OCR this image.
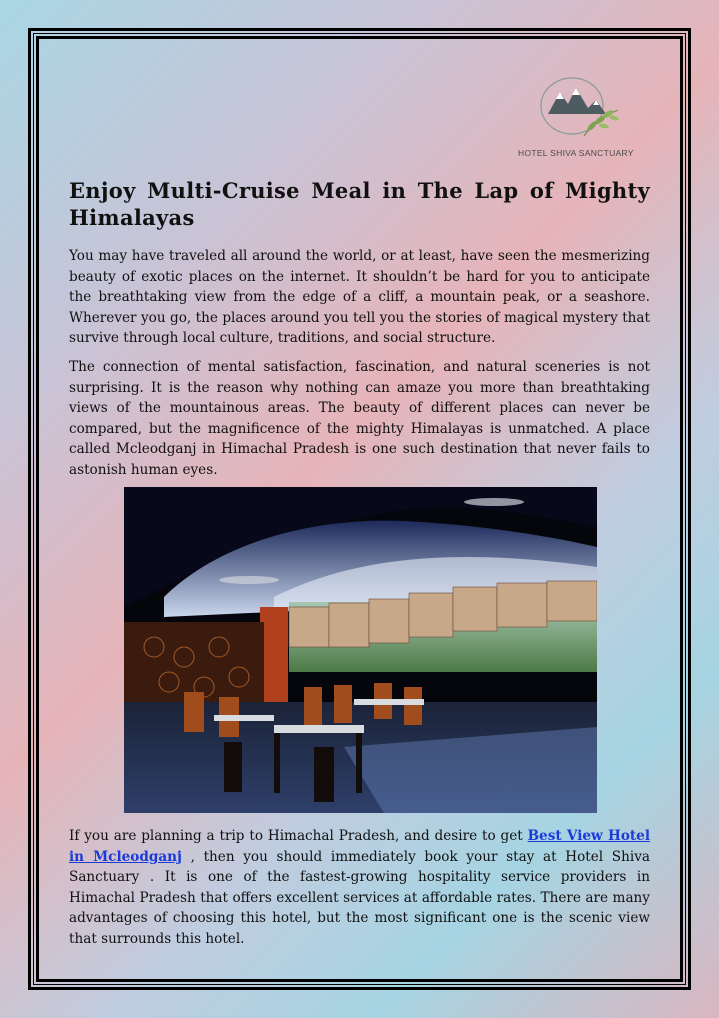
HOTEL SHIVA SANCTUARY
Enjoy Multi-Cruise Meal in The Lap of Mighty Himalayas

You may have traveled all around the world, or at least, have seen the mesmerizing beauty of exotic places on the internet. It shouldn’t be hard for you to anticipate the breathtaking view from the edge of a cliff, a mountain peak, or a seashore. Wherever you go, the places around you tell you the stories of magical mystery that survive through local culture, traditions, and social structure.

The connection of mental satisfaction, fascination, and natural sceneries is not surprising. It is the reason why nothing can amaze you more than breathtaking views of the mountainous areas. The beauty of different places can never be compared, but the magnificence of the mighty Himalayas is unmatched. A place called Mcleodganj in Himachal Pradesh is one such destination that never fails to astonish human eyes.

If you are planning a trip to Himachal Pradesh, and desire to get Best View Hotel in Mcleodganj , then you should immediately book your stay at Hotel Shiva Sanctuary . It is one of the fastest-growing hospitality service providers in Himachal Pradesh that offers excellent services at affordable rates. There are many advantages of choosing this hotel, but the most significant one is the scenic view that surrounds this hotel.
